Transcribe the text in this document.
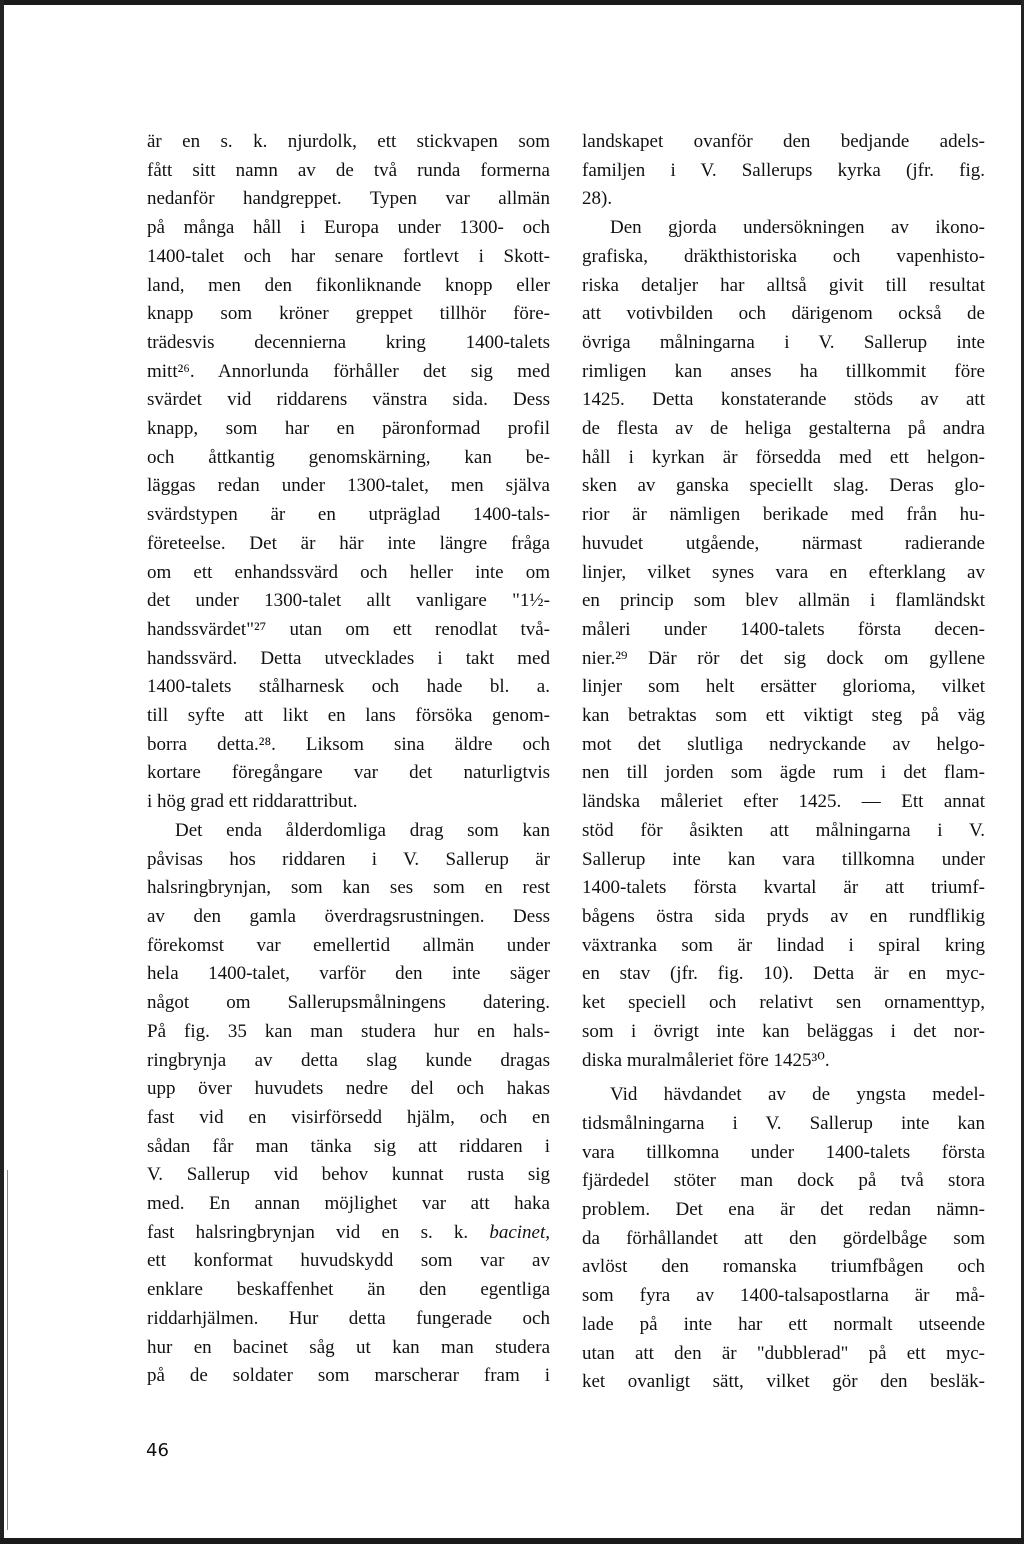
är en s. k. njurdolk, ett stickvapen som
fått sitt namn av de två runda formerna
nedanför handgreppet. Typen var allmän
på många håll i Europa under 1300- och
1400-talet och har senare fortlevt i Skott-
land, men den fikonliknande knopp eller
knapp som kröner greppet tillhör före-
trädesvis decennierna kring 1400-talets
mitt²⁶. Annorlunda förhåller det sig med
svärdet vid riddarens vänstra sida. Dess
knapp, som har en päronformad profil
och åttkantig genomskärning, kan be-
läggas redan under 1300-talet, men själva
svärdstypen är en utpräglad 1400-tals-
företeelse. Det är här inte längre fråga
om ett enhandssvärd och heller inte om
det under 1300-talet allt vanligare "1½-
handssvärdet"²⁷ utan om ett renodlat två-
handssvärd. Detta utvecklades i takt med
1400-talets stålharnesk och hade bl. a.
till syfte att likt en lans försöka genom-
borra detta.²⁸. Liksom sina äldre och
kortare föregångare var det naturligtvis
i hög grad ett riddarattribut.
Det enda ålderdomliga drag som kan
påvisas hos riddaren i V. Sallerup är
halsringbrynjan, som kan ses som en rest
av den gamla överdragsrustningen. Dess
förekomst var emellertid allmän under
hela 1400-talet, varför den inte säger
något om Sallerupsmålningens datering.
På fig. 35 kan man studera hur en hals-
ringbrynja av detta slag kunde dragas
upp över huvudets nedre del och hakas
fast vid en visirförsedd hjälm, och en
sådan får man tänka sig att riddaren i
V. Sallerup vid behov kunnat rusta sig
med. En annan möjlighet var att haka
fast halsringbrynjan vid en s. k. bacinet,
ett konformat huvudskydd som var av
enklare beskaffenhet än den egentliga
riddarhjälmen. Hur detta fungerade och
hur en bacinet såg ut kan man studera
på de soldater som marscherar fram i
landskapet ovanför den bedjande adels-
familjen i V. Sallerups kyrka (jfr. fig.
28).
Den gjorda undersökningen av ikono-
grafiska, dräkthistoriska och vapenhisto-
riska detaljer har alltså givit till resultat
att votivbilden och därigenom också de
övriga målningarna i V. Sallerup inte
rimligen kan anses ha tillkommit före
1425. Detta konstaterande stöds av att
de flesta av de heliga gestalterna på andra
håll i kyrkan är försedda med ett helgon-
sken av ganska speciellt slag. Deras glo-
rior är nämligen berikade med från hu-
huvudet utgående, närmast radierande
linjer, vilket synes vara en efterklang av
en princip som blev allmän i flamländskt
måleri under 1400-talets första decen-
nier.²⁹ Där rör det sig dock om gyllene
linjer som helt ersätter glorioma, vilket
kan betraktas som ett viktigt steg på väg
mot det slutliga nedryckande av helgo-
nen till jorden som ägde rum i det flam-
ländska måleriet efter 1425. — Ett annat
stöd för åsikten att målningarna i V.
Sallerup inte kan vara tillkomna under
1400-talets första kvartal är att triumf-
bågens östra sida pryds av en rundflikig
växtranka som är lindad i spiral kring
en stav (jfr. fig. 10). Detta är en myc-
ket speciell och relativt sen ornamenttyp,
som i övrigt inte kan beläggas i det nor-
diska muralmåleriet före 1425³⁰.
Vid hävdandet av de yngsta medel-
tidsmålningarna i V. Sallerup inte kan
vara tillkomna under 1400-talets första
fjärdedel stöter man dock på två stora
problem. Det ena är det redan nämn-
da förhållandet att den gördelbåge som
avlöst den romanska triumfbågen och
som fyra av 1400-talsapostlarna är må-
lade på inte har ett normalt utseende
utan att den är "dubblerad" på ett myc-
ket ovanligt sätt, vilket gör den besläk-
46
